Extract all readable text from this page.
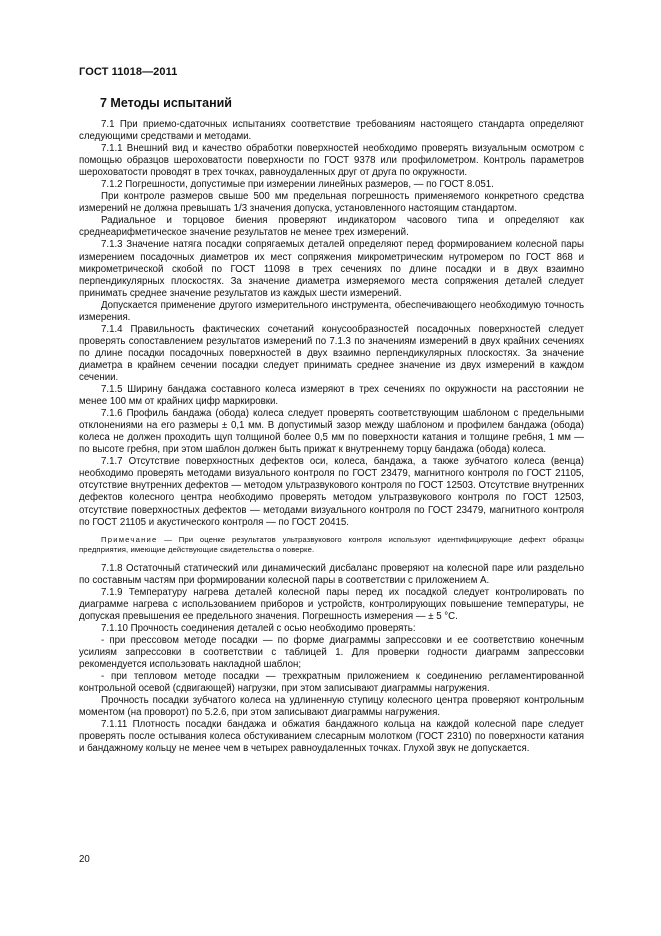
ГОСТ 11018—2011
7 Методы испытаний

7.1 При приемо-сдаточных испытаниях соответствие требованиям настоящего стандарта определяют следующими средствами и методами.

7.1.1 Внешний вид и качество обработки поверхностей необходимо проверять визуальным осмотром с помощью образцов шероховатости поверхности по ГОСТ 9378 или профилометром. Контроль параметров шероховатости проводят в трех точках, равноудаленных друг от друга по окружности.

7.1.2 Погрешности, допустимые при измерении линейных размеров, — по ГОСТ 8.051.

При контроле размеров свыше 500 мм предельная погрешность применяемого конкретного средства измерений не должна превышать 1/3 значения допуска, установленного настоящим стандартом.

Радиальное и торцовое биения проверяют индикатором часового типа и определяют как среднеарифметическое значение результатов не менее трех измерений.

7.1.3 Значение натяга посадки сопрягаемых деталей определяют перед формированием колесной пары измерением посадочных диаметров их мест сопряжения микрометрическим нутромером по ГОСТ 868 и микрометрической скобой по ГОСТ 11098 в трех сечениях по длине посадки и в двух взаимно перпендикулярных плоскостях. За значение диаметра измеряемого места сопряжения деталей следует принимать среднее значение результатов из каждых шести измерений.

Допускается применение другого измерительного инструмента, обеспечивающего необходимую точность измерения.

7.1.4 Правильность фактических сочетаний конусообразностей посадочных поверхностей следует проверять сопоставлением результатов измерений по 7.1.3 по значениям измерений в двух крайних сечениях по длине посадки посадочных поверхностей в двух взаимно перпендикулярных плоскостях. За значение диаметра в крайнем сечении посадки следует принимать среднее значение из двух измерений в каждом сечении.

7.1.5 Ширину бандажа составного колеса измеряют в трех сечениях по окружности на расстоянии не менее 100 мм от крайних цифр маркировки.

7.1.6 Профиль бандажа (обода) колеса следует проверять соответствующим шаблоном с предельными отклонениями на его размеры ± 0,1 мм. В допустимый зазор между шаблоном и профилем бандажа (обода) колеса не должен проходить щуп толщиной более 0,5 мм по поверхности катания и толщине гребня, 1 мм — по высоте гребня, при этом шаблон должен быть прижат к внутреннему торцу бандажа (обода) колеса.

7.1.7 Отсутствие поверхностных дефектов оси, колеса, бандажа, а также зубчатого колеса (венца) необходимо проверять методами визуального контроля по ГОСТ 23479, магнитного контроля по ГОСТ 21105, отсутствие внутренних дефектов — методом ультразвукового контроля по ГОСТ 12503. Отсутствие внутренних дефектов колесного центра необходимо проверять методом ультразвукового контроля по ГОСТ 12503, отсутствие поверхностных дефектов — методами визуального контроля по ГОСТ 23479, магнитного контроля по ГОСТ 21105 и акустического контроля — по ГОСТ 20415.

Примечание — При оценке результатов ультразвукового контроля используют идентифицирующие дефект образцы предприятия, имеющие действующие свидетельства о поверке.

7.1.8 Остаточный статический или динамический дисбаланс проверяют на колесной паре или раздельно по составным частям при формировании колесной пары в соответствии с приложением А.

7.1.9 Температуру нагрева деталей колесной пары перед их посадкой следует контролировать по диаграмме нагрева с использованием приборов и устройств, контролирующих повышение температуры, не допуская превышения ее предельного значения. Погрешность измерения — ± 5 °С.

7.1.10 Прочность соединения деталей с осью необходимо проверять:

- при прессовом методе посадки — по форме диаграммы запрессовки и ее соответствию конечным усилиям запрессовки в соответствии с таблицей 1. Для проверки годности диаграмм запрессовки рекомендуется использовать накладной шаблон;

- при тепловом методе посадки — трехкратным приложением к соединению регламентированной контрольной осевой (сдвигающей) нагрузки, при этом записывают диаграммы нагружения.

Прочность посадки зубчатого колеса на удлиненную ступицу колесного центра проверяют контрольным моментом (на проворот) по 5.2.6, при этом записывают диаграммы нагружения.

7.1.11 Плотность посадки бандажа и обжатия бандажного кольца на каждой колесной паре следует проверять после остывания колеса обстукиванием слесарным молотком (ГОСТ 2310) по поверхности катания и бандажному кольцу не менее чем в четырех равноудаленных точках. Глухой звук не допускается.

20
